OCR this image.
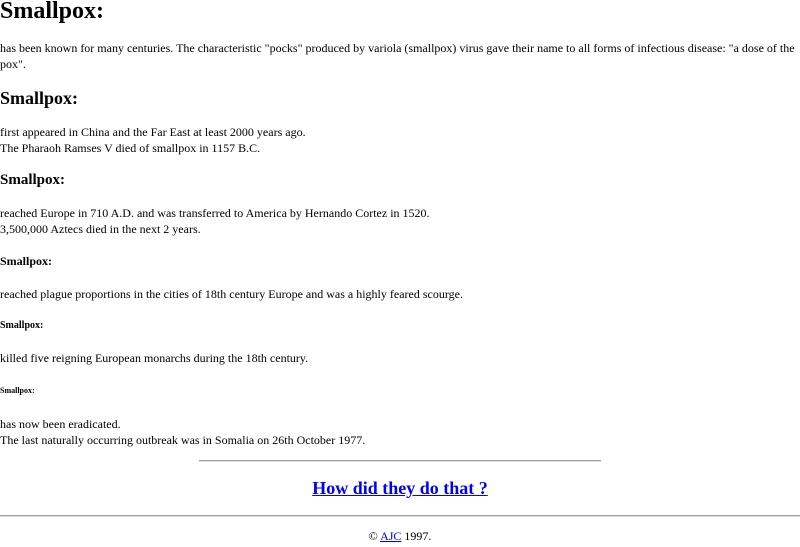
Smallpox:

has been known for many centuries. The characteristic "pocks" produced by variola (smallpox) virus gave their name to all forms of infectious disease: "a dose of the pox".

Smallpox:

first appeared in China and the Far East at least 2000 years ago.
The Pharaoh Ramses V died of smallpox in 1157 B.C.

Smallpox:

reached Europe in 710 A.D. and was transferred to America by Hernando Cortez in 1520.
3,500,000 Aztecs died in the next 2 years.

Smallpox:

reached plague proportions in the cities of 18th century Europe and was a highly feared scourge.

Smallpox:

killed five reigning European monarchs during the 18th century.

Smallpox:

has now been eradicated.
The last naturally occurring outbreak was in Somalia on 26th October 1977.

How did they do that ?
© AJC 1997.
